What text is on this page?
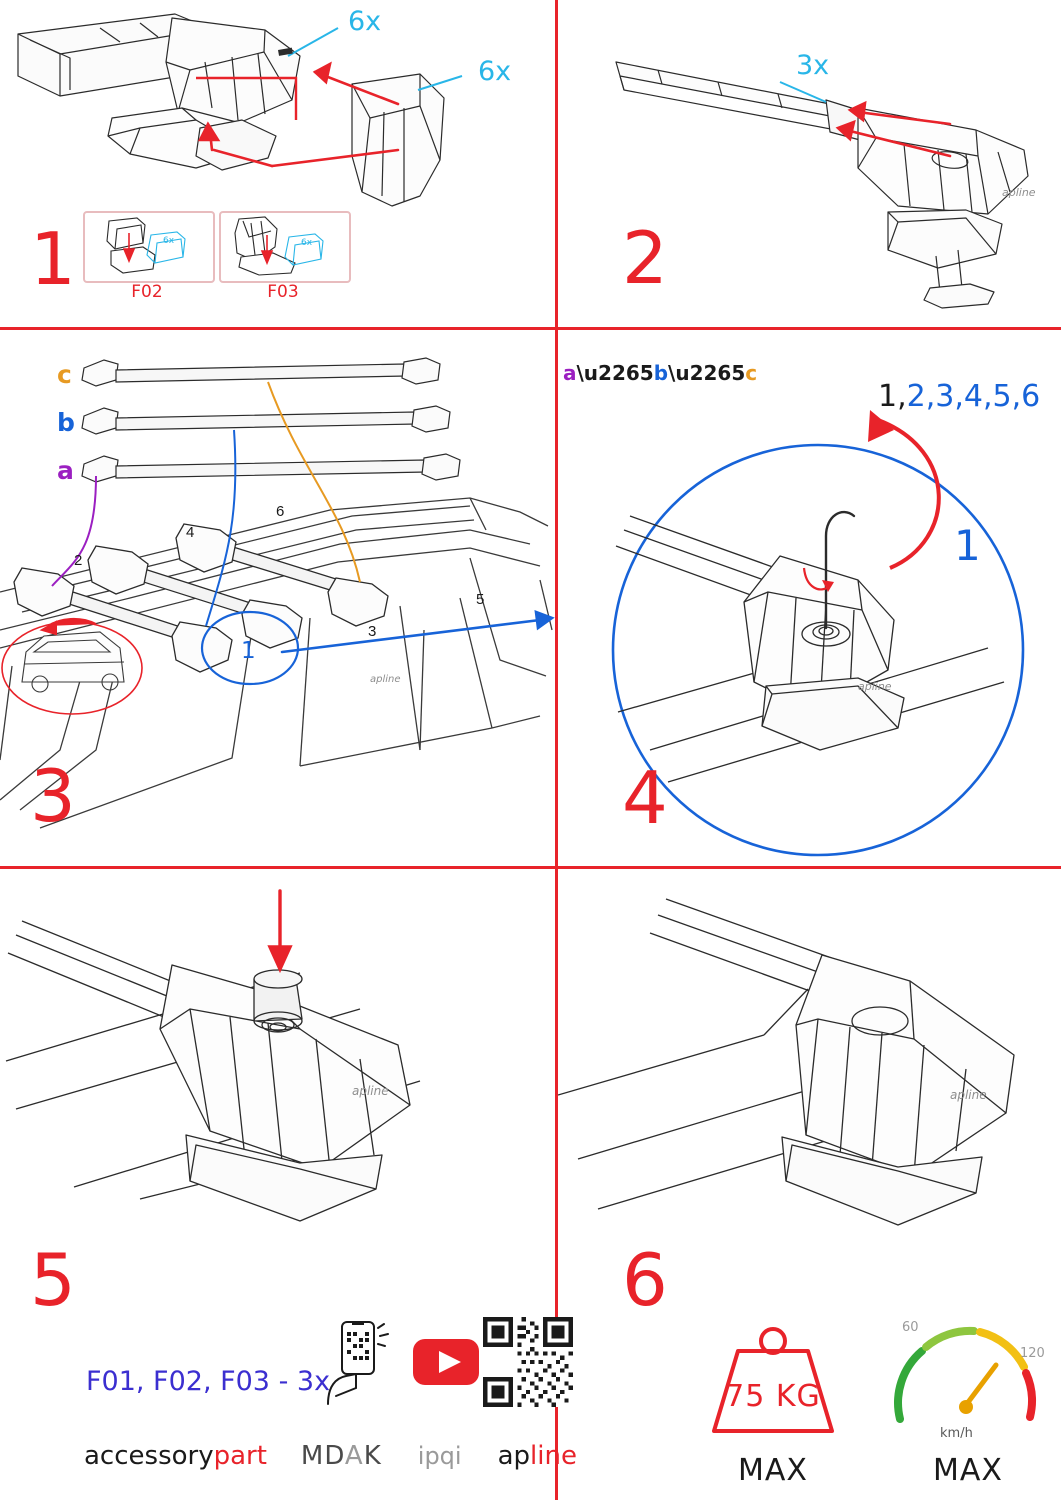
6x
6x
6x
F02
6x
F03
1
apline
3x
2
1
apline
c
b
a
2
4
6
3
5
3
a\u2265b\u2265c
1
apline
1,2,3,4,5,6
4
apline
5
F01, F02, F03 - 3x
accessorypart MDAK ipqi apline
apline
6
75 KG
MAX
60
120
km/h
MAX
